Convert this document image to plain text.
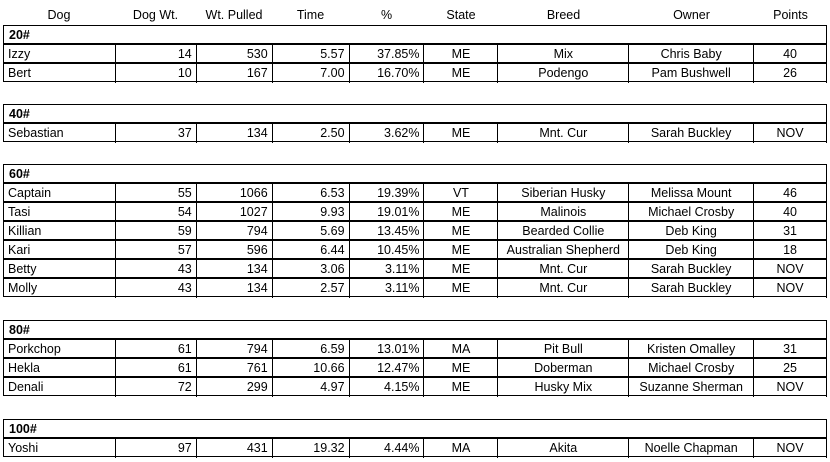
Dog	Dog Wt.	Wt. Pulled	Time	%	State	Breed	Owner	Points
20#
Izzy	14	530	5.57	37.85%	ME	Mix	Chris Baby	40
Bert	10	167	7.00	16.70%	ME	Podengo	Pam Bushwell	26
40#
Sebastian	37	134	2.50	3.62%	ME	Mnt. Cur	Sarah Buckley	NOV
60#
Captain	55	1066	6.53	19.39%	VT	Siberian Husky	Melissa Mount	46
Tasi	54	1027	9.93	19.01%	ME	Malinois	Michael Crosby	40
Killian	59	794	5.69	13.45%	ME	Bearded Collie	Deb King	31
Kari	57	596	6.44	10.45%	ME	Australian Shepherd	Deb King	18
Betty	43	134	3.06	3.11%	ME	Mnt. Cur	Sarah Buckley	NOV
Molly	43	134	2.57	3.11%	ME	Mnt. Cur	Sarah Buckley	NOV
80#
Porkchop	61	794	6.59	13.01%	MA	Pit Bull	Kristen Omalley	31
Hekla	61	761	10.66	12.47%	ME	Doberman	Michael Crosby	25
Denali	72	299	4.97	4.15%	ME	Husky Mix	Suzanne Sherman	NOV
100#
Yoshi	97	431	19.32	4.44%	MA	Akita	Noelle Chapman	NOV
